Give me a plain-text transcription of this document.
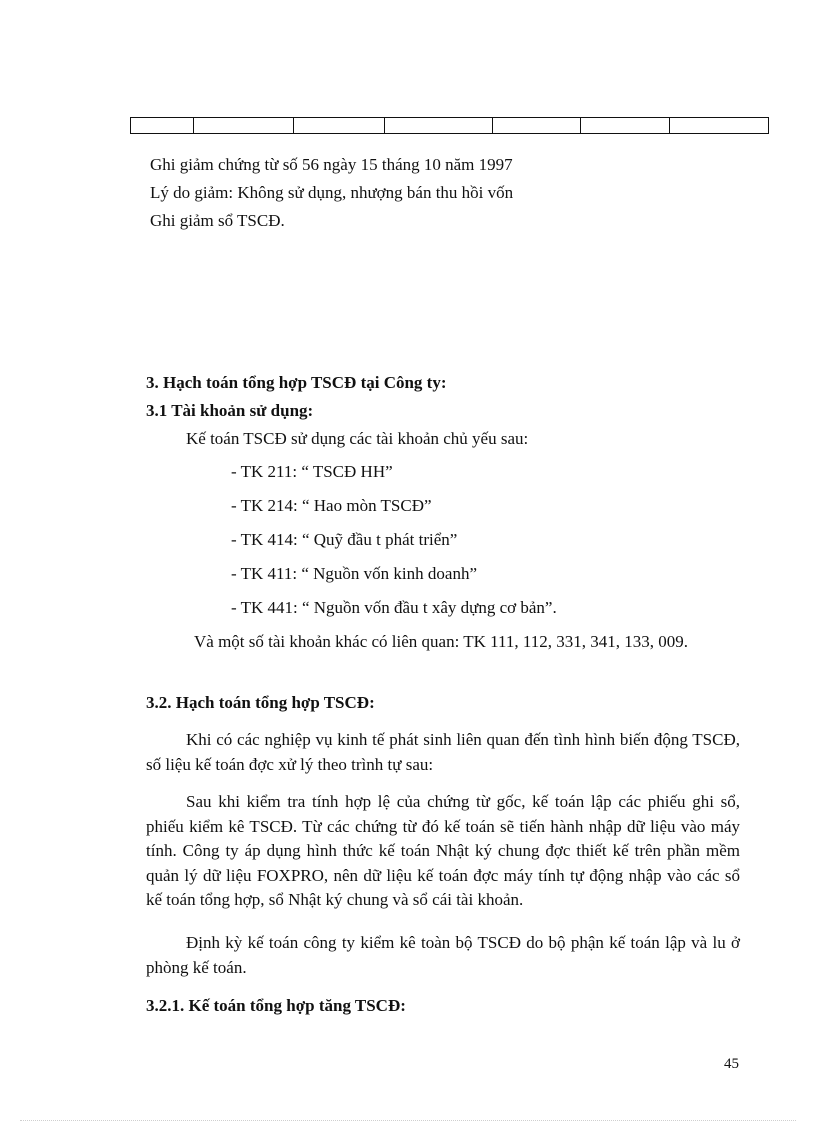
Ghi giảm chứng từ số 56 ngày 15 tháng 10 năm 1997
Lý do giảm: Không sử dụng, nhượng bán thu hồi vốn
Ghi giảm sổ TSCĐ.
3. Hạch toán tổng hợp TSCĐ tại Công ty:
3.1 Tài khoản sử dụng:
Kế toán TSCĐ sử dụng các tài khoản chủ yếu sau:
- TK 211: “ TSCĐ HH”
- TK 214: “ Hao mòn TSCĐ”
- TK 414: “ Quỹ đầu t phát triển”
- TK 411: “ Nguồn vốn kinh doanh”
- TK 441: “ Nguồn vốn đầu t xây dựng cơ bản”.
Và một số tài khoản khác có liên quan: TK 111, 112, 331, 341, 133, 009.
3.2. Hạch toán tổng hợp TSCĐ:
Khi có các nghiệp vụ kinh tế phát sinh liên quan đến tình hình biến động TSCĐ, số liệu kế toán đợc xử lý theo trình tự sau:
Sau khi kiểm tra tính hợp lệ của chứng từ gốc, kế toán lập các phiếu ghi sổ, phiếu kiểm kê TSCĐ. Từ các chứng từ đó kế toán sẽ tiến hành nhập dữ liệu vào máy tính. Công ty áp dụng hình thức kế toán Nhật ký chung đợc thiết kế trên phần mềm quản lý dữ liệu FOXPRO, nên dữ liệu kế toán đợc máy tính tự động nhập vào các sổ kế toán tổng hợp, sổ Nhật ký chung và sổ cái tài khoản.
Định kỳ kế toán công ty kiểm kê toàn bộ TSCĐ do bộ phận kế toán lập và lu ở phòng kế toán.
3.2.1. Kế toán tổng hợp tăng TSCĐ:
45
